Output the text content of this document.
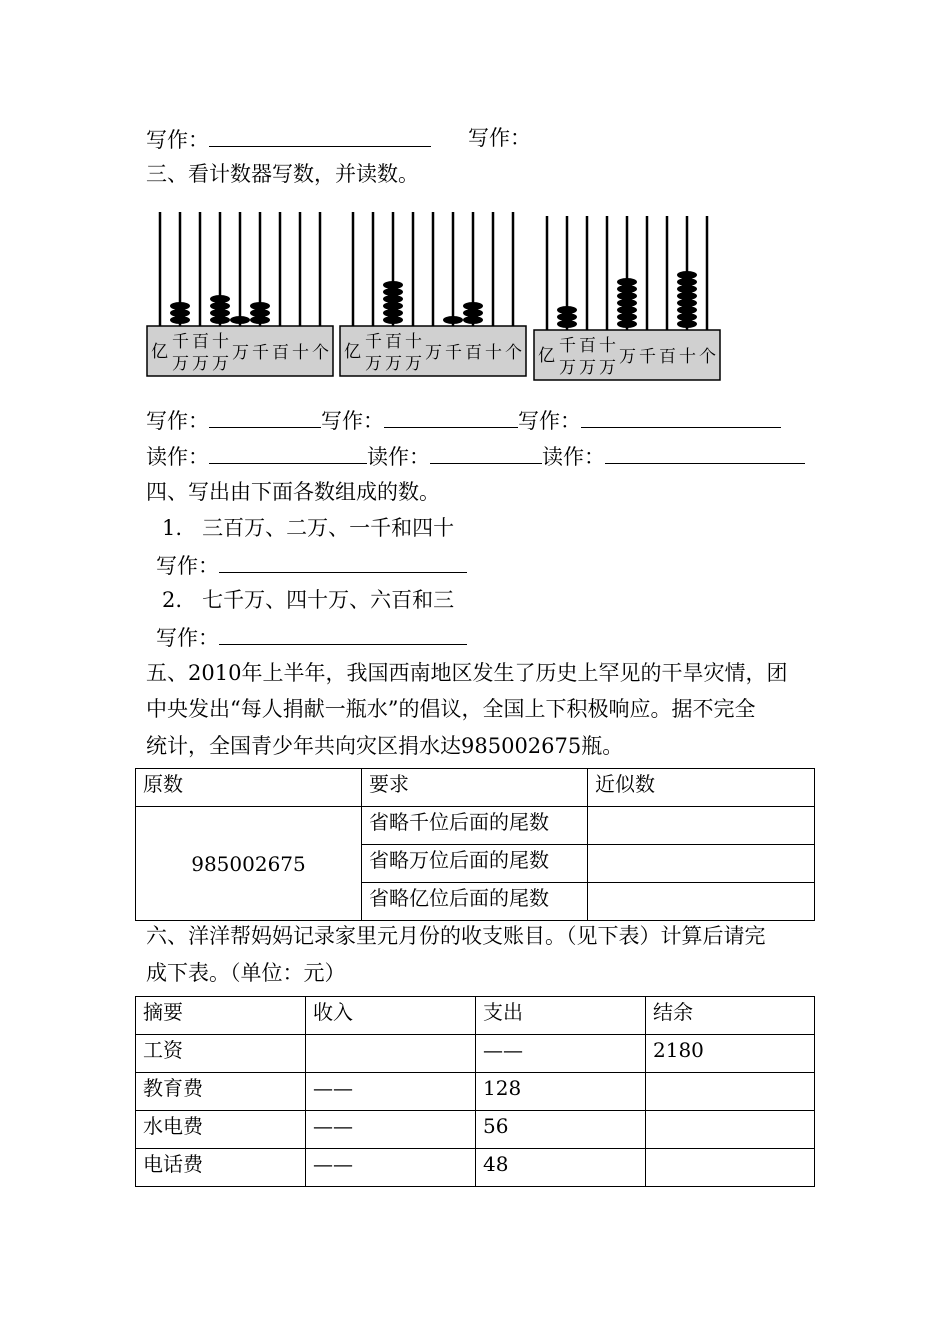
写作：	写作：
三、看计数器写数，并读数。
亿 千 百 十
万 万 万
万 千 百 十 个 亿 千 百 十
万 万 万
万 千 百 十 个 亿 千 百 十
万 万 万
万 千 百 十 个
写作：	写作：	写作：
读作：	读作：	读作：
四、写出由下面各数组成的数。
1. 三百万、二万、一千和四十
写作：
2. 七千万、四十万、六百和三
写作：
五、2010年上半年，我国西南地区发生了历史上罕见的干旱灾情，团
中央发出“每人捐献一瓶水”的倡议，全国上下积极响应。据不完全
统计，全国青少年共向灾区捐水达985002675瓶。
原数	要求	近似数
985002675	省略千位后面的尾数	
	省略万位后面的尾数	
	省略亿位后面的尾数	
六、洋洋帮妈妈记录家里元月份的收支账目。（见下表）计算后请完
成下表。（单位：元）
摘要	收入	支出	结余
工资		——	2180
教育费	——	128	
水电费	——	56	
电话费	——	48	
